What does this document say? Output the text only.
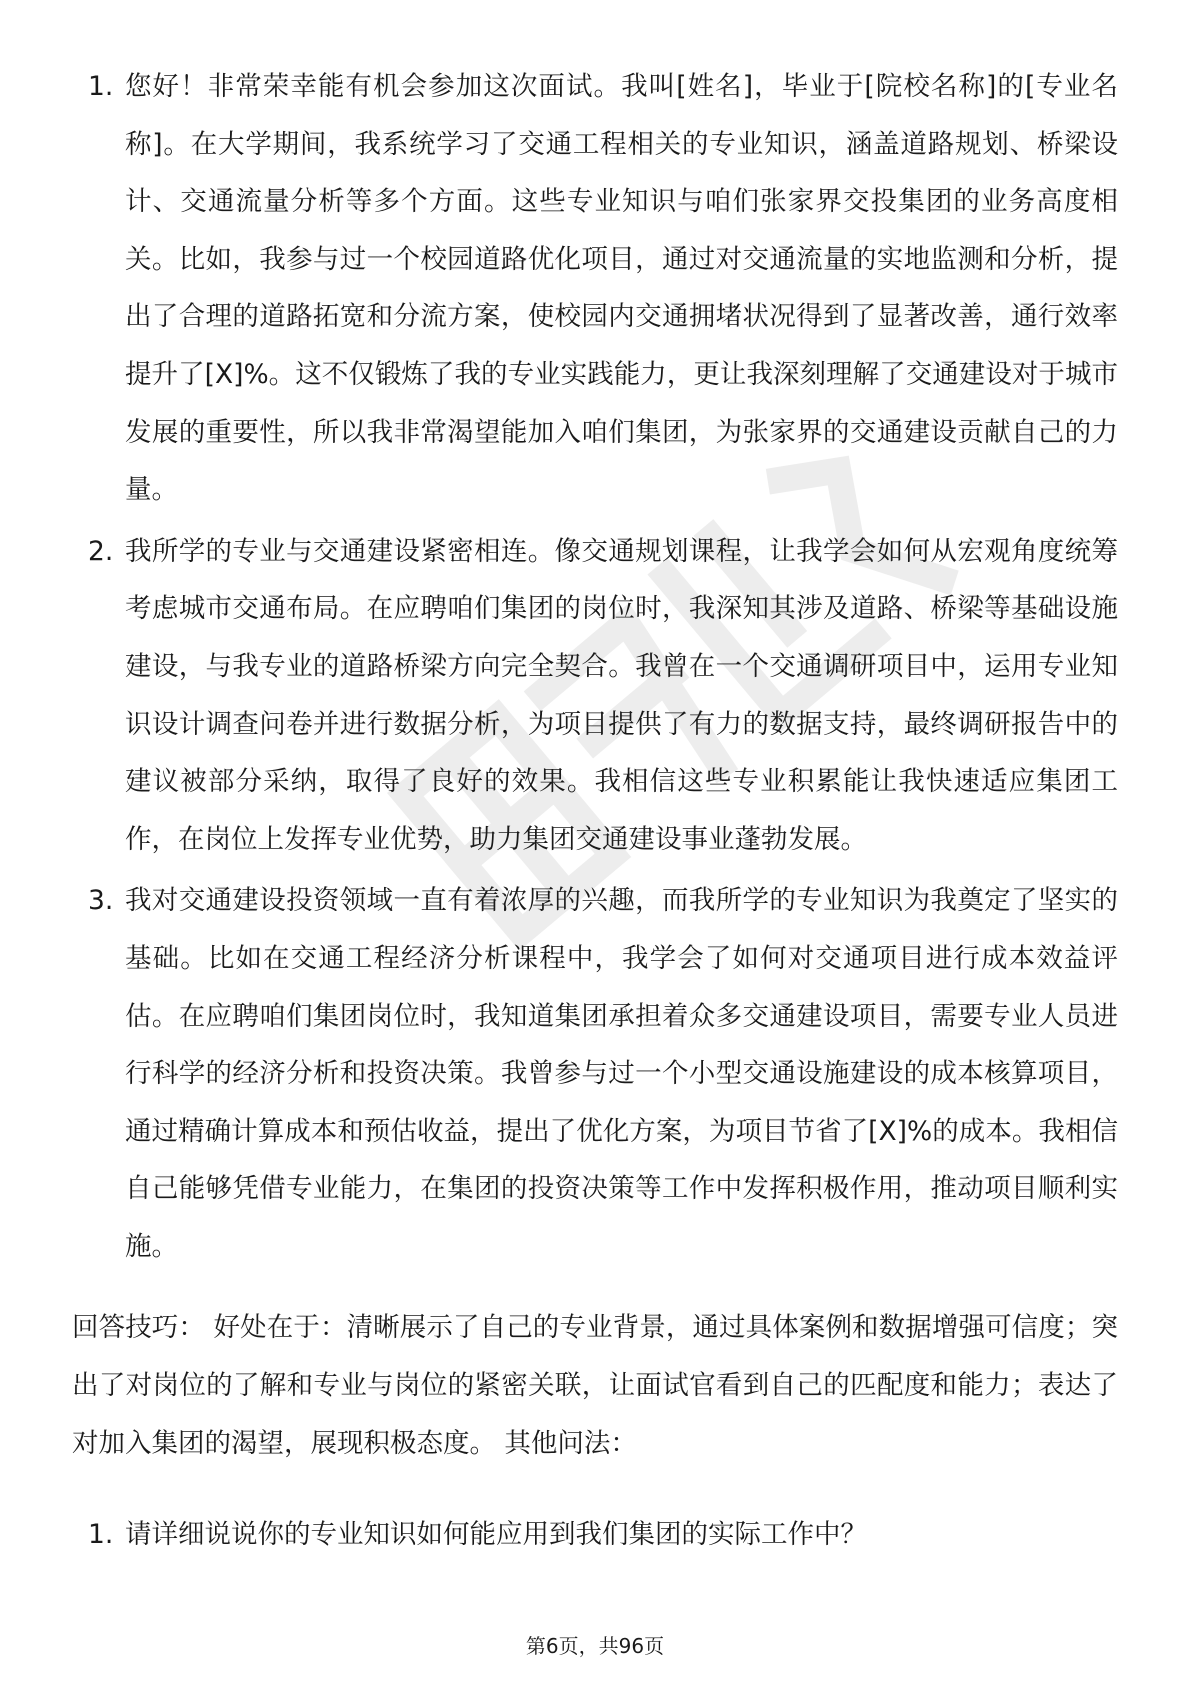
1. 您好！非常荣幸能有机会参加这次面试。我叫[姓名]，毕业于[院校名称]的[专业名称]。在大学期间，我系统学习了交通工程相关的专业知识，涵盖道路规划、桥梁设计、交通流量分析等多个方面。这些专业知识与咱们张家界交投集团的业务高度相关。比如，我参与过一个校园道路优化项目，通过对交通流量的实地监测和分析，提出了合理的道路拓宽和分流方案，使校园内交通拥堵状况得到了显著改善，通行效率提升了[X]%。这不仅锻炼了我的专业实践能力，更让我深刻理解了交通建设对于城市发展的重要性，所以我非常渴望能加入咱们集团，为张家界的交通建设贡献自己的力量。
2. 我所学的专业与交通建设紧密相连。像交通规划课程，让我学会如何从宏观角度统筹考虑城市交通布局。在应聘咱们集团的岗位时，我深知其涉及道路、桥梁等基础设施建设，与我专业的道路桥梁方向完全契合。我曾在一个交通调研项目中，运用专业知识设计调查问卷并进行数据分析，为项目提供了有力的数据支持，最终调研报告中的建议被部分采纳，取得了良好的效果。我相信这些专业积累能让我快速适应集团工作，在岗位上发挥专业优势，助力集团交通建设事业蓬勃发展。
3. 我对交通建设投资领域一直有着浓厚的兴趣，而我所学的专业知识为我奠定了坚实的基础。比如在交通工程经济分析课程中，我学会了如何对交通项目进行成本效益评估。在应聘咱们集团岗位时，我知道集团承担着众多交通建设项目，需要专业人员进行科学的经济分析和投资决策。我曾参与过一个小型交通设施建设的成本核算项目，通过精确计算成本和预估收益，提出了优化方案，为项目节省了[X]%的成本。我相信自己能够凭借专业能力，在集团的投资决策等工作中发挥积极作用，推动项目顺利实施。

回答技巧： 好处在于：清晰展示了自己的专业背景，通过具体案例和数据增强可信度；突出了对岗位的了解和专业与岗位的紧密关联，让面试官看到自己的匹配度和能力；表达了对加入集团的渴望，展现积极态度。 其他问法：

1. 请详细说说你的专业知识如何能应用到我们集团的实际工作中？
第6页，共96页
